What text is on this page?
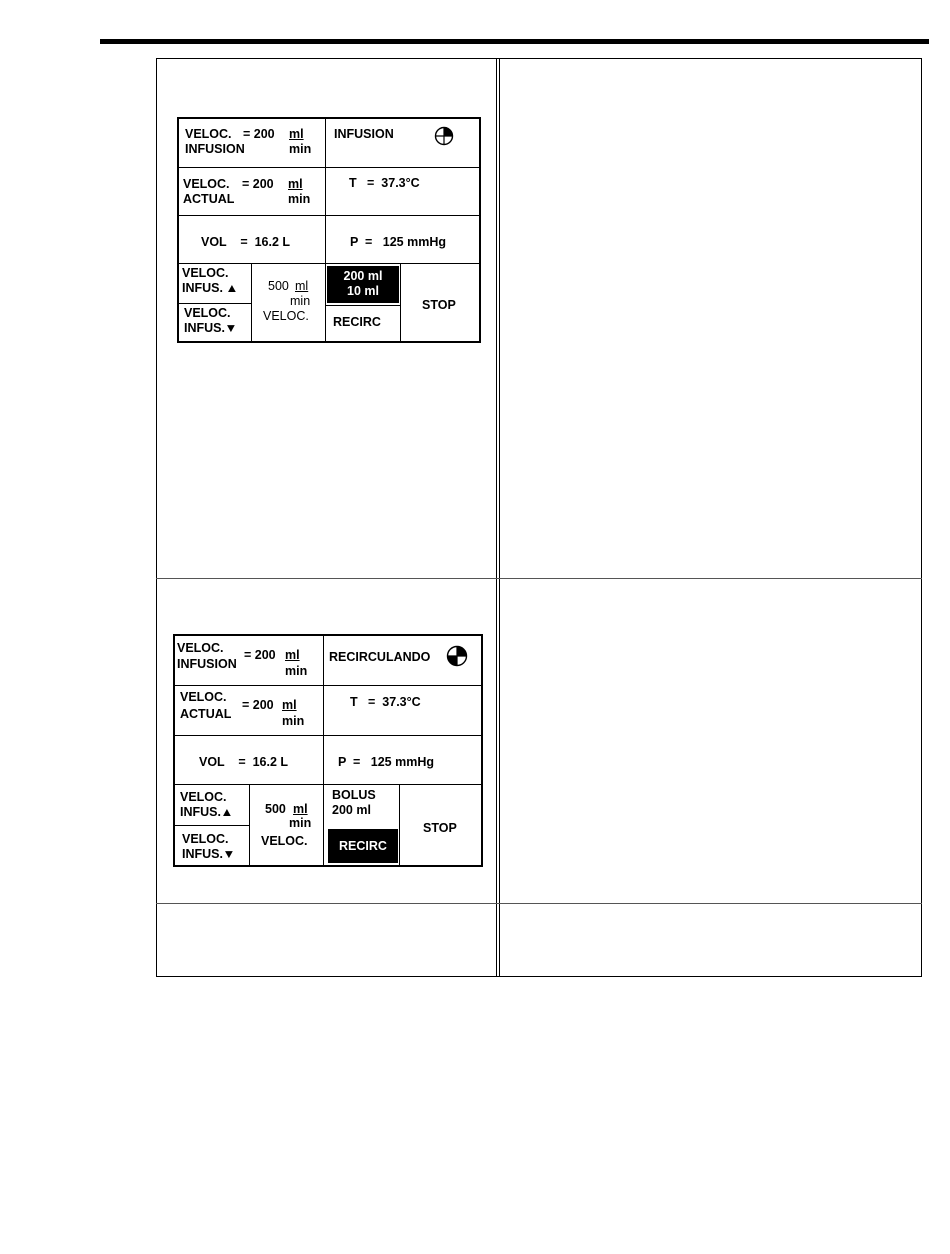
VELOC.
INFUSION
= 200 ml
min
INFUSION
VELOC.
ACTUAL
= 200 ml
min
T   =  37.3°C
VOL    =  16.2 L	P  =   125 mmHg
VELOC.
INFUS. ▲
VELOC.
INFUS.▼
500 ml
min
VELOC.
200 ml
10 ml
RECIRC
STOP
VELOC.
INFUSION
= 200 ml
min
RECIRCULANDO
VELOC.
ACTUAL
= 200 ml
min
T   =  37.3°C
VOL    =  16.2 L	P  =   125 mmHg
VELOC.
INFUS.▲
VELOC.
INFUS.▼
500 ml
min
VELOC.
BOLUS
200 ml
RECIRC
STOP
